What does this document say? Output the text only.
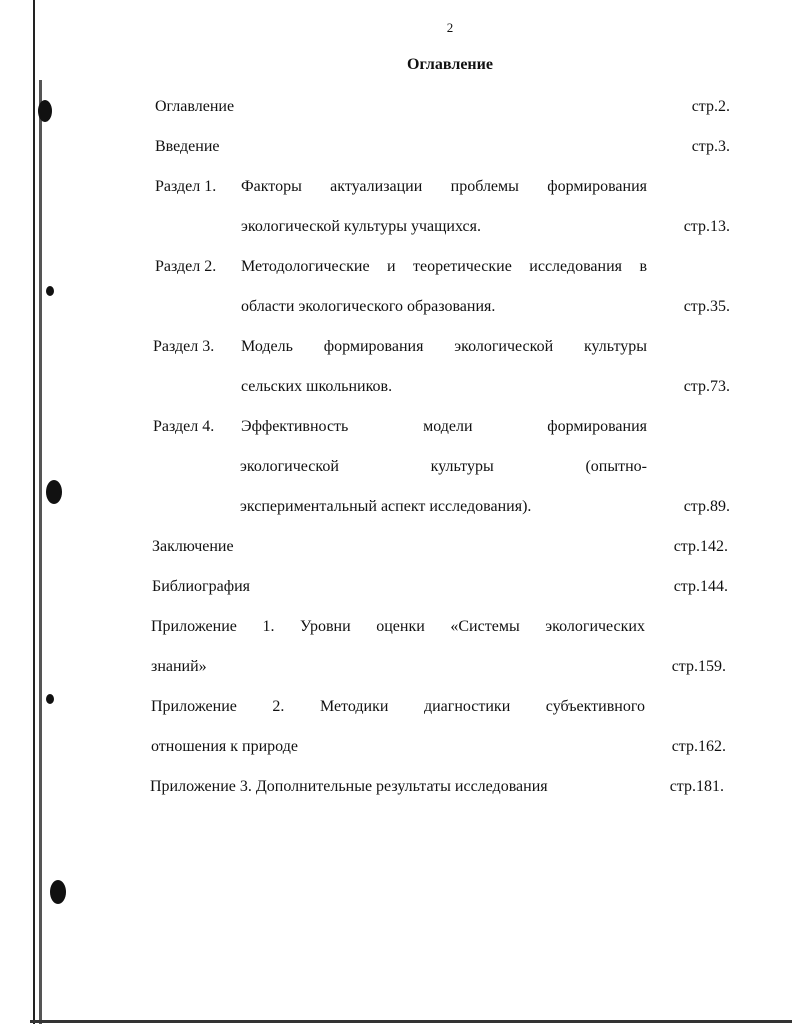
2
Оглавление
Оглавление	стр.2.
Введение	стр.3.
Раздел 1. Факторы актуализации проблемы формирования
экологической культуры учащихся.	стр.13.
Раздел 2. Методологические и теоретические исследования в
области экологического образования.	стр.35.
Раздел 3. Модель формирования экологической культуры
сельских школьников.	стр.73.
Раздел 4. Эффективность модели формирования
экологической культуры (опытно-
экспериментальный аспект исследования).	стр.89.
Заключение	стр.142.
Библиография	стр.144.
Приложение 1. Уровни оценки «Системы экологических
знаний»	стр.159.
Приложение 2. Методики диагностики субъективного
отношения к природе	стр.162.
Приложение 3. Дополнительные результаты исследования	стр.181.
